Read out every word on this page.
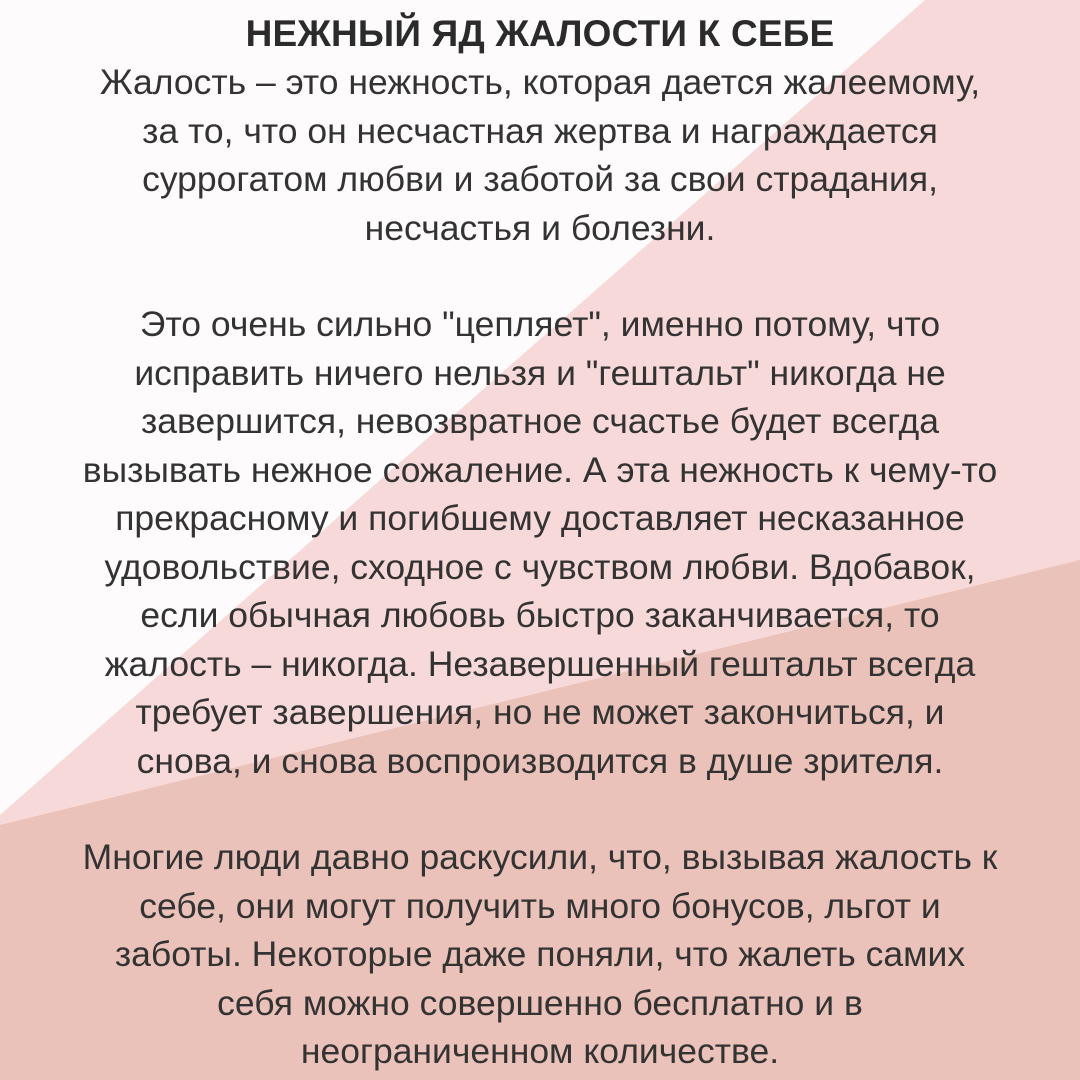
НЕЖНЫЙ ЯД ЖАЛОСТИ К СЕБЕ
Жалость – это нежность, которая дается жалеемому,
за то, что он несчастная жертва и награждается
суррогатом любви и заботой за свои страдания,
несчастья и болезни.
Это очень сильно "цепляет", именно потому, что
исправить ничего нельзя и "гештальт" никогда не
завершится, невозвратное счастье будет всегда
вызывать нежное сожаление. А эта нежность к чему-то
прекрасному и погибшему доставляет несказанное
удовольствие, сходное с чувством любви. Вдобавок,
если обычная любовь быстро заканчивается, то
жалость – никогда. Незавершенный гештальт всегда
требует завершения, но не может закончиться, и
снова, и снова воспроизводится в душе зрителя.
Многие люди давно раскусили, что, вызывая жалость к
себе, они могут получить много бонусов, льгот и
заботы. Некоторые даже поняли, что жалеть самих
себя можно совершенно бесплатно и в
неограниченном количестве.
